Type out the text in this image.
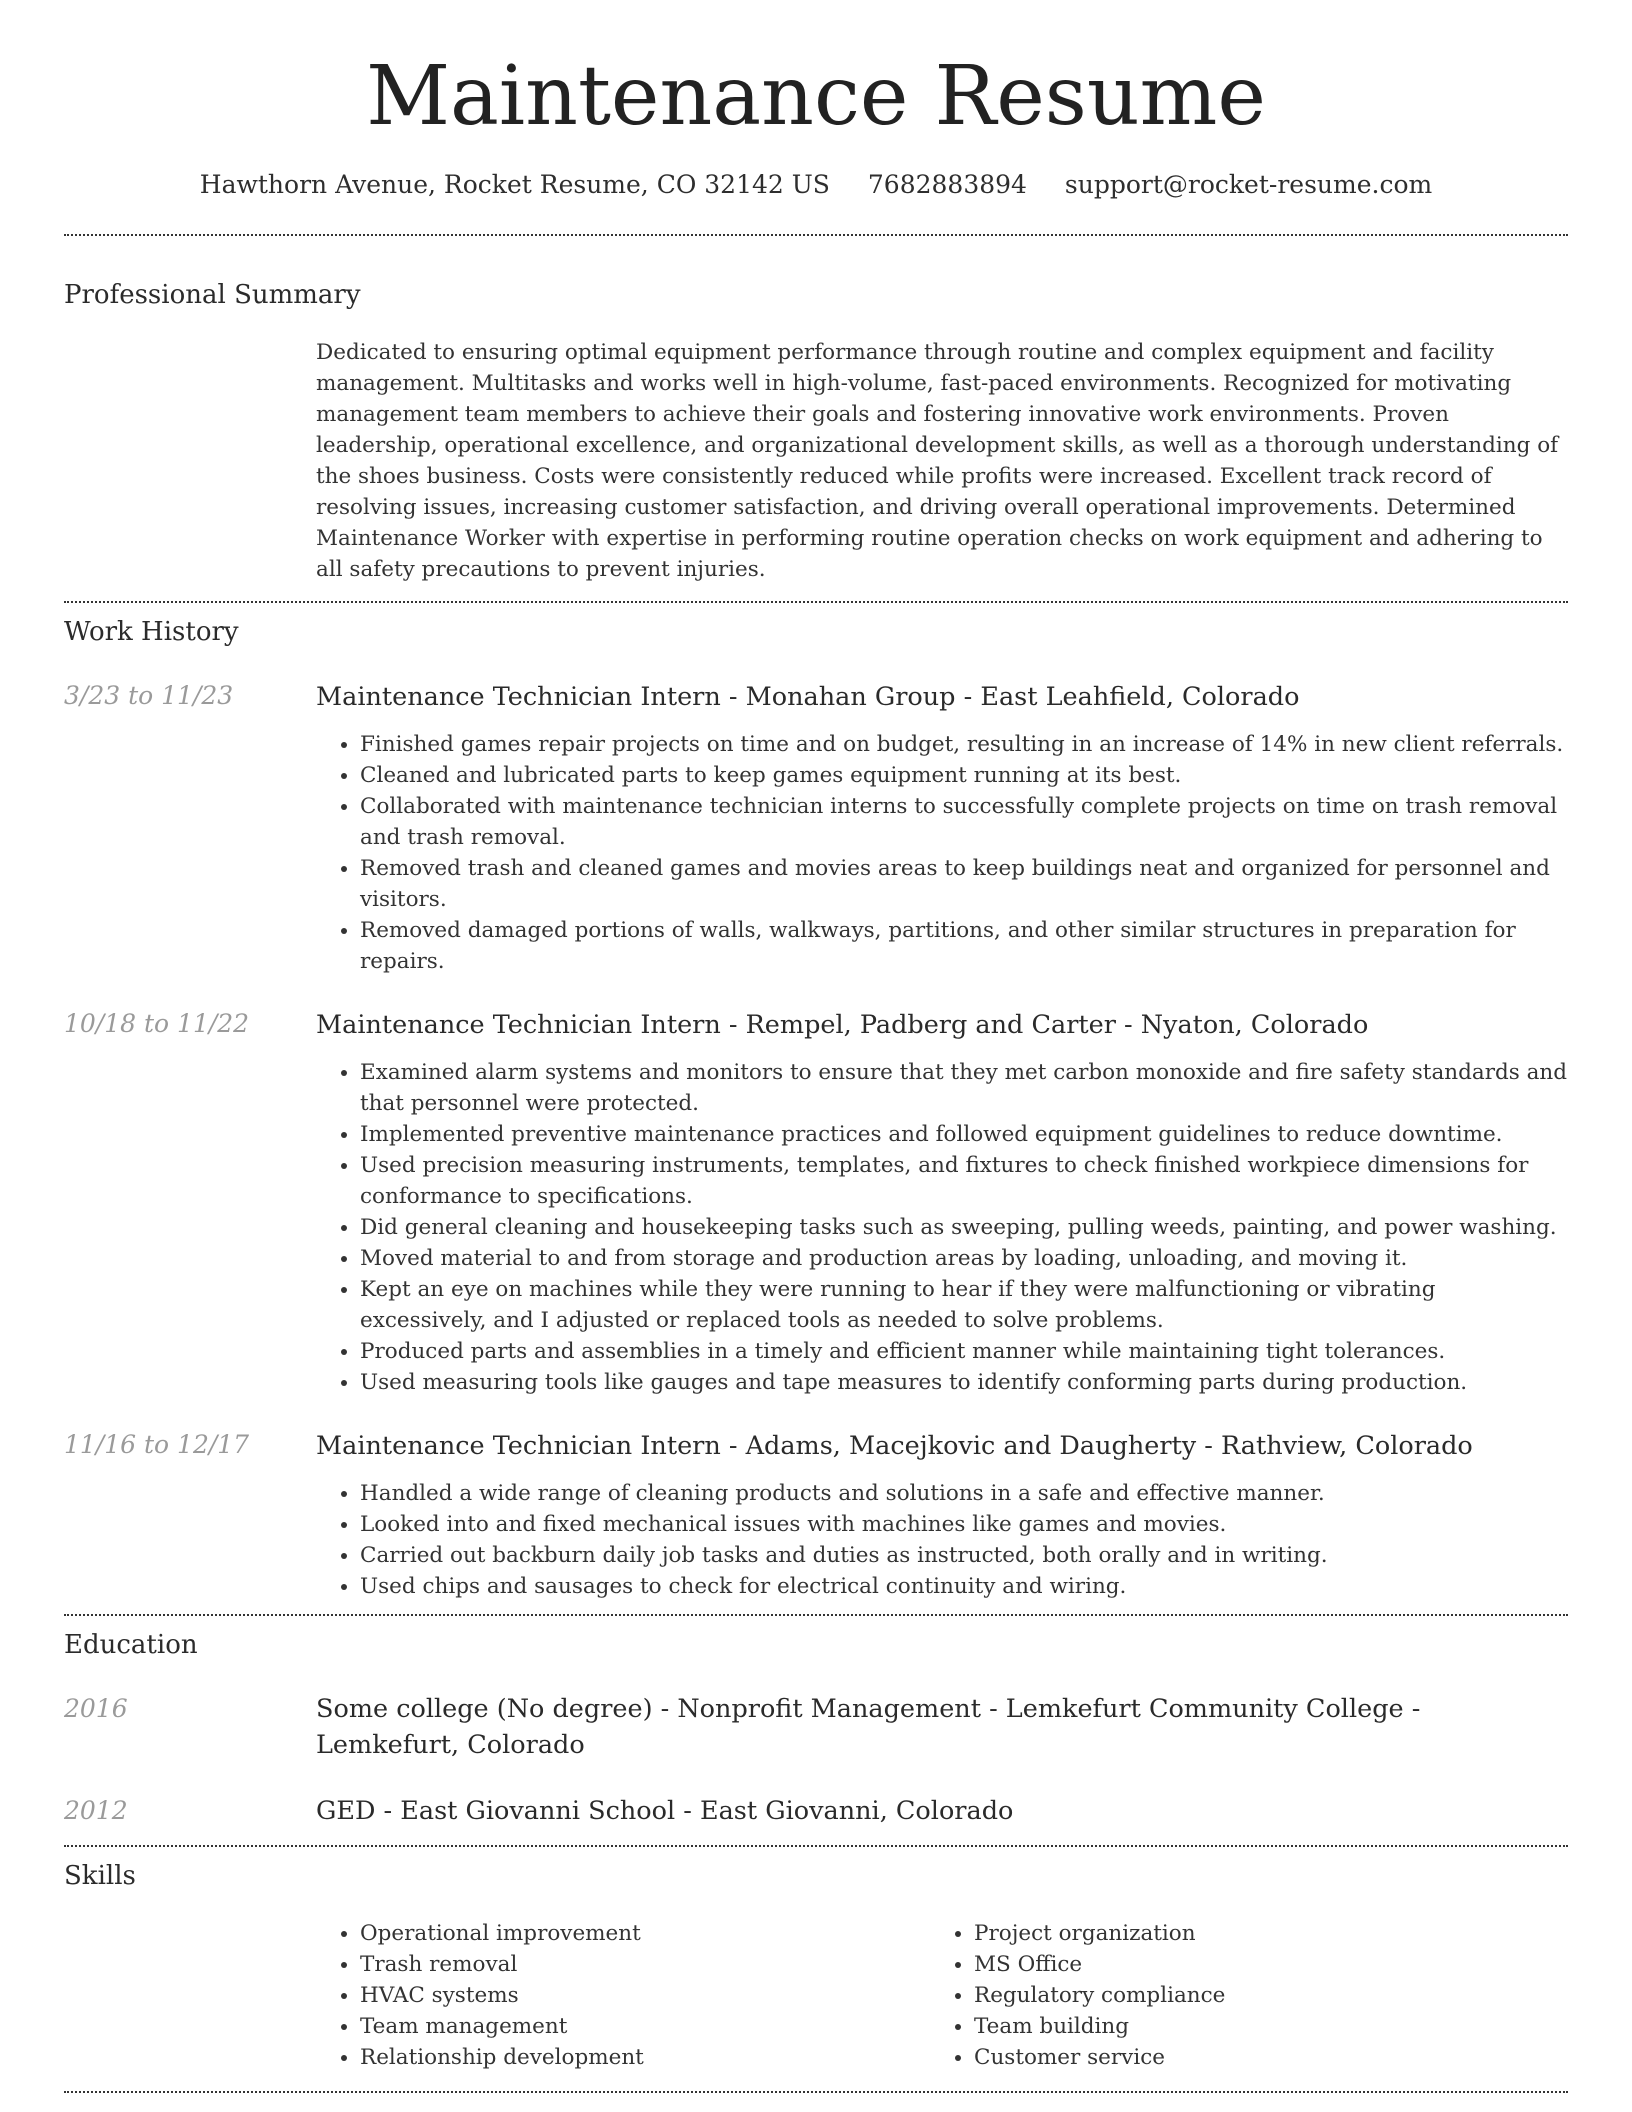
Maintenance Resume
Hawthorn Avenue, Rocket Resume, CO 32142 US 7682883894 support@rocket-resume.com
Professional Summary

Dedicated to ensuring optimal equipment performance through routine and complex equipment and facility management. Multitasks and works well in high-volume, fast-paced environments. Recognized for motivating management team members to achieve their goals and fostering innovative work environments. Proven leadership, operational excellence, and organizational development skills, as well as a thorough understanding of the shoes business. Costs were consistently reduced while profits were increased. Excellent track record of resolving issues, increasing customer satisfaction, and driving overall operational improvements. Determined Maintenance Worker with expertise in performing routine operation checks on work equipment and adhering to all safety precautions to prevent injuries.

Work History
3/23 to 11/23	Maintenance Technician Intern - Monahan Group - East Leahfield, Colorado
• Finished games repair projects on time and on budget, resulting in an increase of 14% in new client referrals.
• Cleaned and lubricated parts to keep games equipment running at its best.
• Collaborated with maintenance technician interns to successfully complete projects on time on trash removal and trash removal.
• Removed trash and cleaned games and movies areas to keep buildings neat and organized for personnel and visitors.
• Removed damaged portions of walls, walkways, partitions, and other similar structures in preparation for repairs.
10/18 to 11/22	Maintenance Technician Intern - Rempel, Padberg and Carter - Nyaton, Colorado
• Examined alarm systems and monitors to ensure that they met carbon monoxide and fire safety standards and that personnel were protected.
• Implemented preventive maintenance practices and followed equipment guidelines to reduce downtime.
• Used precision measuring instruments, templates, and fixtures to check finished workpiece dimensions for conformance to specifications.
• Did general cleaning and housekeeping tasks such as sweeping, pulling weeds, painting, and power washing.
• Moved material to and from storage and production areas by loading, unloading, and moving it.
• Kept an eye on machines while they were running to hear if they were malfunctioning or vibrating excessively, and I adjusted or replaced tools as needed to solve problems.
• Produced parts and assemblies in a timely and efficient manner while maintaining tight tolerances.
• Used measuring tools like gauges and tape measures to identify conforming parts during production.
11/16 to 12/17	Maintenance Technician Intern - Adams, Macejkovic and Daugherty - Rathview, Colorado
• Handled a wide range of cleaning products and solutions in a safe and effective manner.
• Looked into and fixed mechanical issues with machines like games and movies.
• Carried out backburn daily job tasks and duties as instructed, both orally and in writing.
• Used chips and sausages to check for electrical continuity and wiring.
Education
2016	Some college (No degree) - Nonprofit Management - Lemkefurt Community College - Lemkefurt, Colorado
2012	GED - East Giovanni School - East Giovanni, Colorado
Skills
• Operational improvement
• Trash removal
• HVAC systems
• Team management
• Relationship development
• Project organization
• MS Office
• Regulatory compliance
• Team building
• Customer service
